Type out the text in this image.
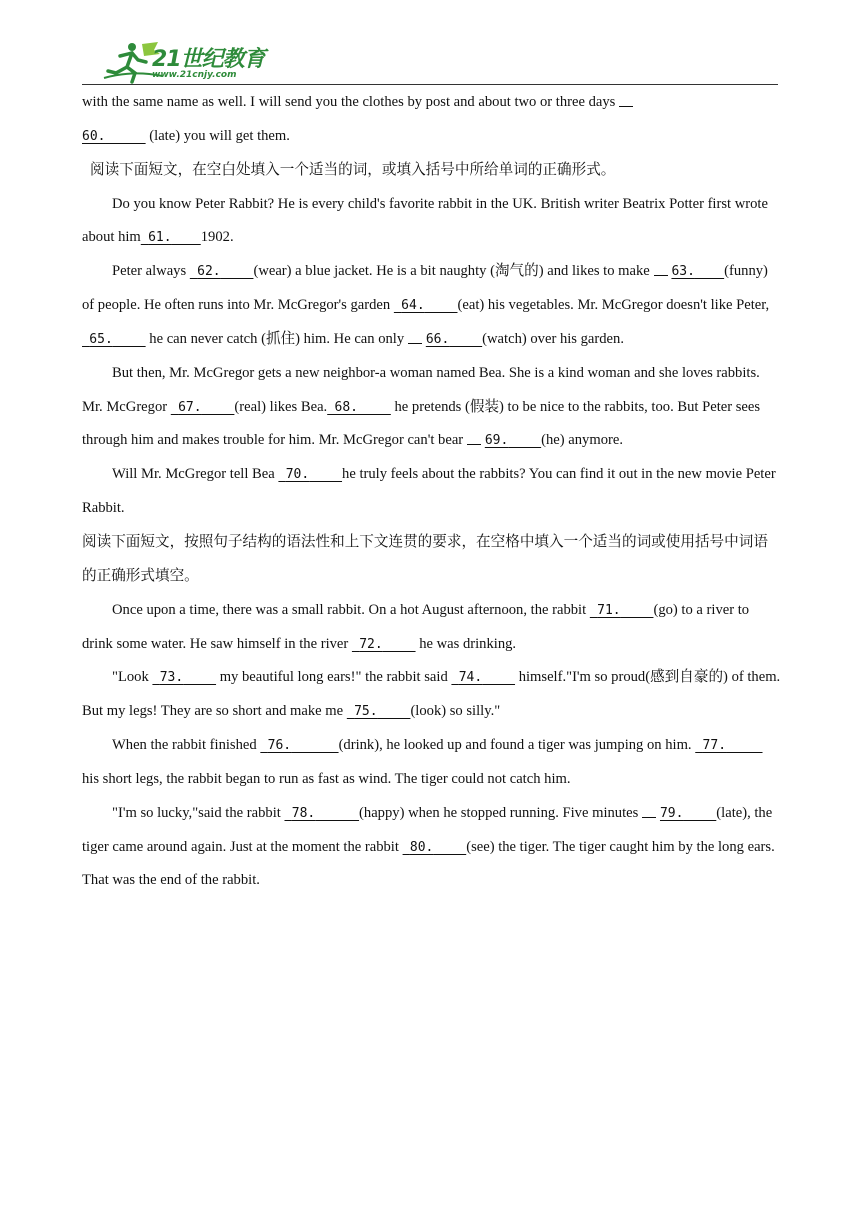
21世纪教育
www.21cnjy.com

with the same name as well. I will send you the clothes by post and about two or three days
60.	(late) you will get them.

阅读下面短文，在空白处填入一个适当的词，或填入括号中所给单词的正确形式。

Do you know Peter Rabbit? He is every child's favorite rabbit in the UK. British writer Beatrix Potter first wrote about him 61. 1902.

Peter always 62. (wear) a blue jacket. He is a bit naughty (淘气的) and likes to make 63. (funny) of people. He often runs into Mr. McGregor's garden 64. (eat) his vegetables. Mr. McGregor doesn't like Peter,  65.	he can never catch (抓住) him. He can only 66. (watch) over his garden.

But then, Mr. McGregor gets a new neighbor-a woman named Bea. She is a kind woman and she loves rabbits. Mr. McGregor 67. (real) likes Bea. 68.	he pretends (假装) to be nice to the rabbits, too. But Peter sees through him and makes trouble for him. Mr. McGregor can't bear 69. (he) anymore.

Will Mr. McGregor tell Bea 70. he truly feels about the rabbits? You can find it out in the new movie Peter Rabbit.

阅读下面短文，按照句子结构的语法性和上下文连贯的要求，在空格中填入一个适当的词或使用括号中词语的正确形式填空。

Once upon a time, there was a small rabbit. On a hot August afternoon, the rabbit 71. (go) to a river to drink some water. He saw himself in the river 72.	he was drinking.

"Look 73.	my beautiful long ears!" the rabbit said 74.	himself."I'm so proud(感到自豪的) of them. But my legs! They are so short and make me 75. (look) so silly."

When the rabbit finished 76.	(drink), he looked up and found a tiger was jumping on him. 77.           his short legs, the rabbit began to run as fast as wind. The tiger could not catch him.

"I'm so lucky,"said the rabbit 78.	(happy) when he stopped running. Five minutes 79. (late), the tiger came around again. Just at the moment the rabbit 80. (see) the tiger. The tiger caught him by the long ears. That was the end of the rabbit.
